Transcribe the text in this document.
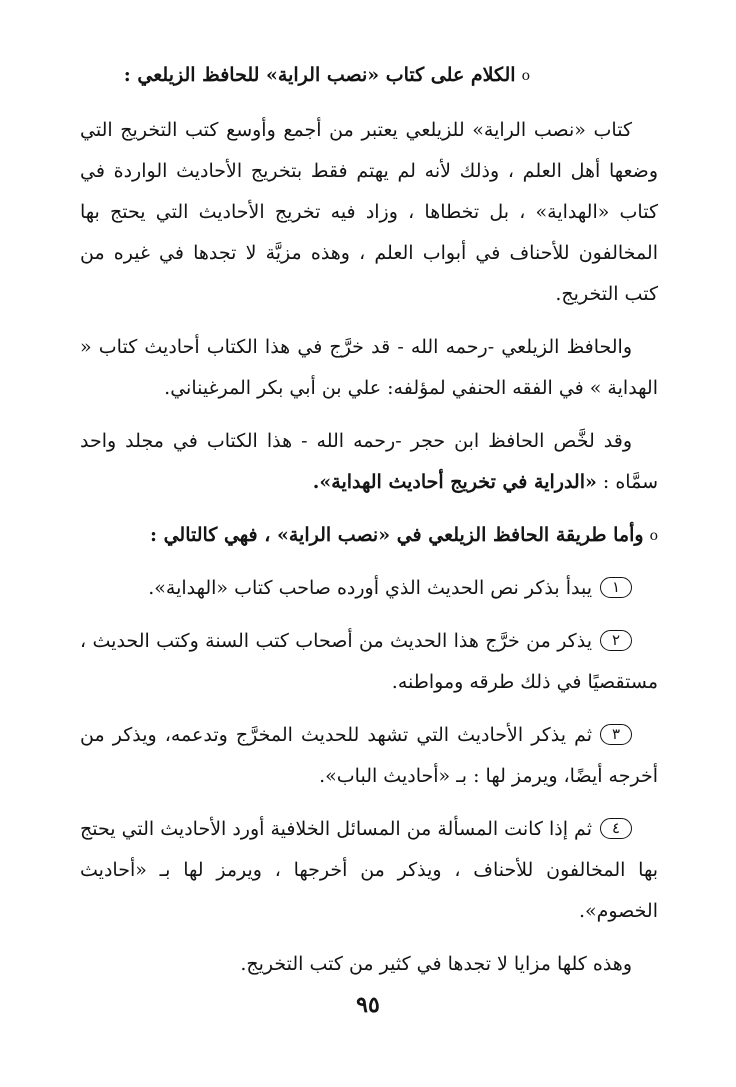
οالكلام على كتاب «نصب الراية» للحافظ الزيلعي :

كتاب «نصب الراية» للزيلعي يعتبر من أجمع وأوسع كتب التخريج التي وضعها أهل العلم ، وذلك لأنه لم يهتم فقط بتخريج الأحاديث الواردة في كتاب «الهداية» ، بل تخطاها ، وزاد فيه تخريج الأحاديث التي يحتج بها المخالفون للأحناف في أبواب العلم ، وهذه مزيَّة لا تجدها في غيره من كتب التخريج.

والحافظ الزيلعي -رحمه الله - قد خرَّج في هذا الكتاب أحاديث كتاب « الهداية » في الفقه الحنفي لمؤلفه: علي بن أبي بكر المرغيناني.

وقد لخَّص الحافظ ابن حجر -رحمه الله - هذا الكتاب في مجلد واحد سمَّاه : «الدراية في تخريج أحاديث الهداية».

οوأما طريقة الحافظ الزيلعي في «نصب الراية» ، فهي كالتالي :

١يبدأ بذكر نص الحديث الذي أورده صاحب كتاب «الهداية».

٢يذكر من خرَّج هذا الحديث من أصحاب كتب السنة وكتب الحديث ، مستقصيًا في ذلك طرقه ومواطنه.

٣ثم يذكر الأحاديث التي تشهد للحديث المخرَّج وتدعمه، ويذكر من أخرجه أيضًا، ويرمز لها : بـ «أحاديث الباب».

٤ثم إذا كانت المسألة من المسائل الخلافية أورد الأحاديث التي يحتج بها المخالفون للأحناف ، ويذكر من أخرجها ، ويرمز لها بـ «أحاديث الخصوم».

وهذه كلها مزايا لا تجدها في كثير من كتب التخريج.

٩٥
